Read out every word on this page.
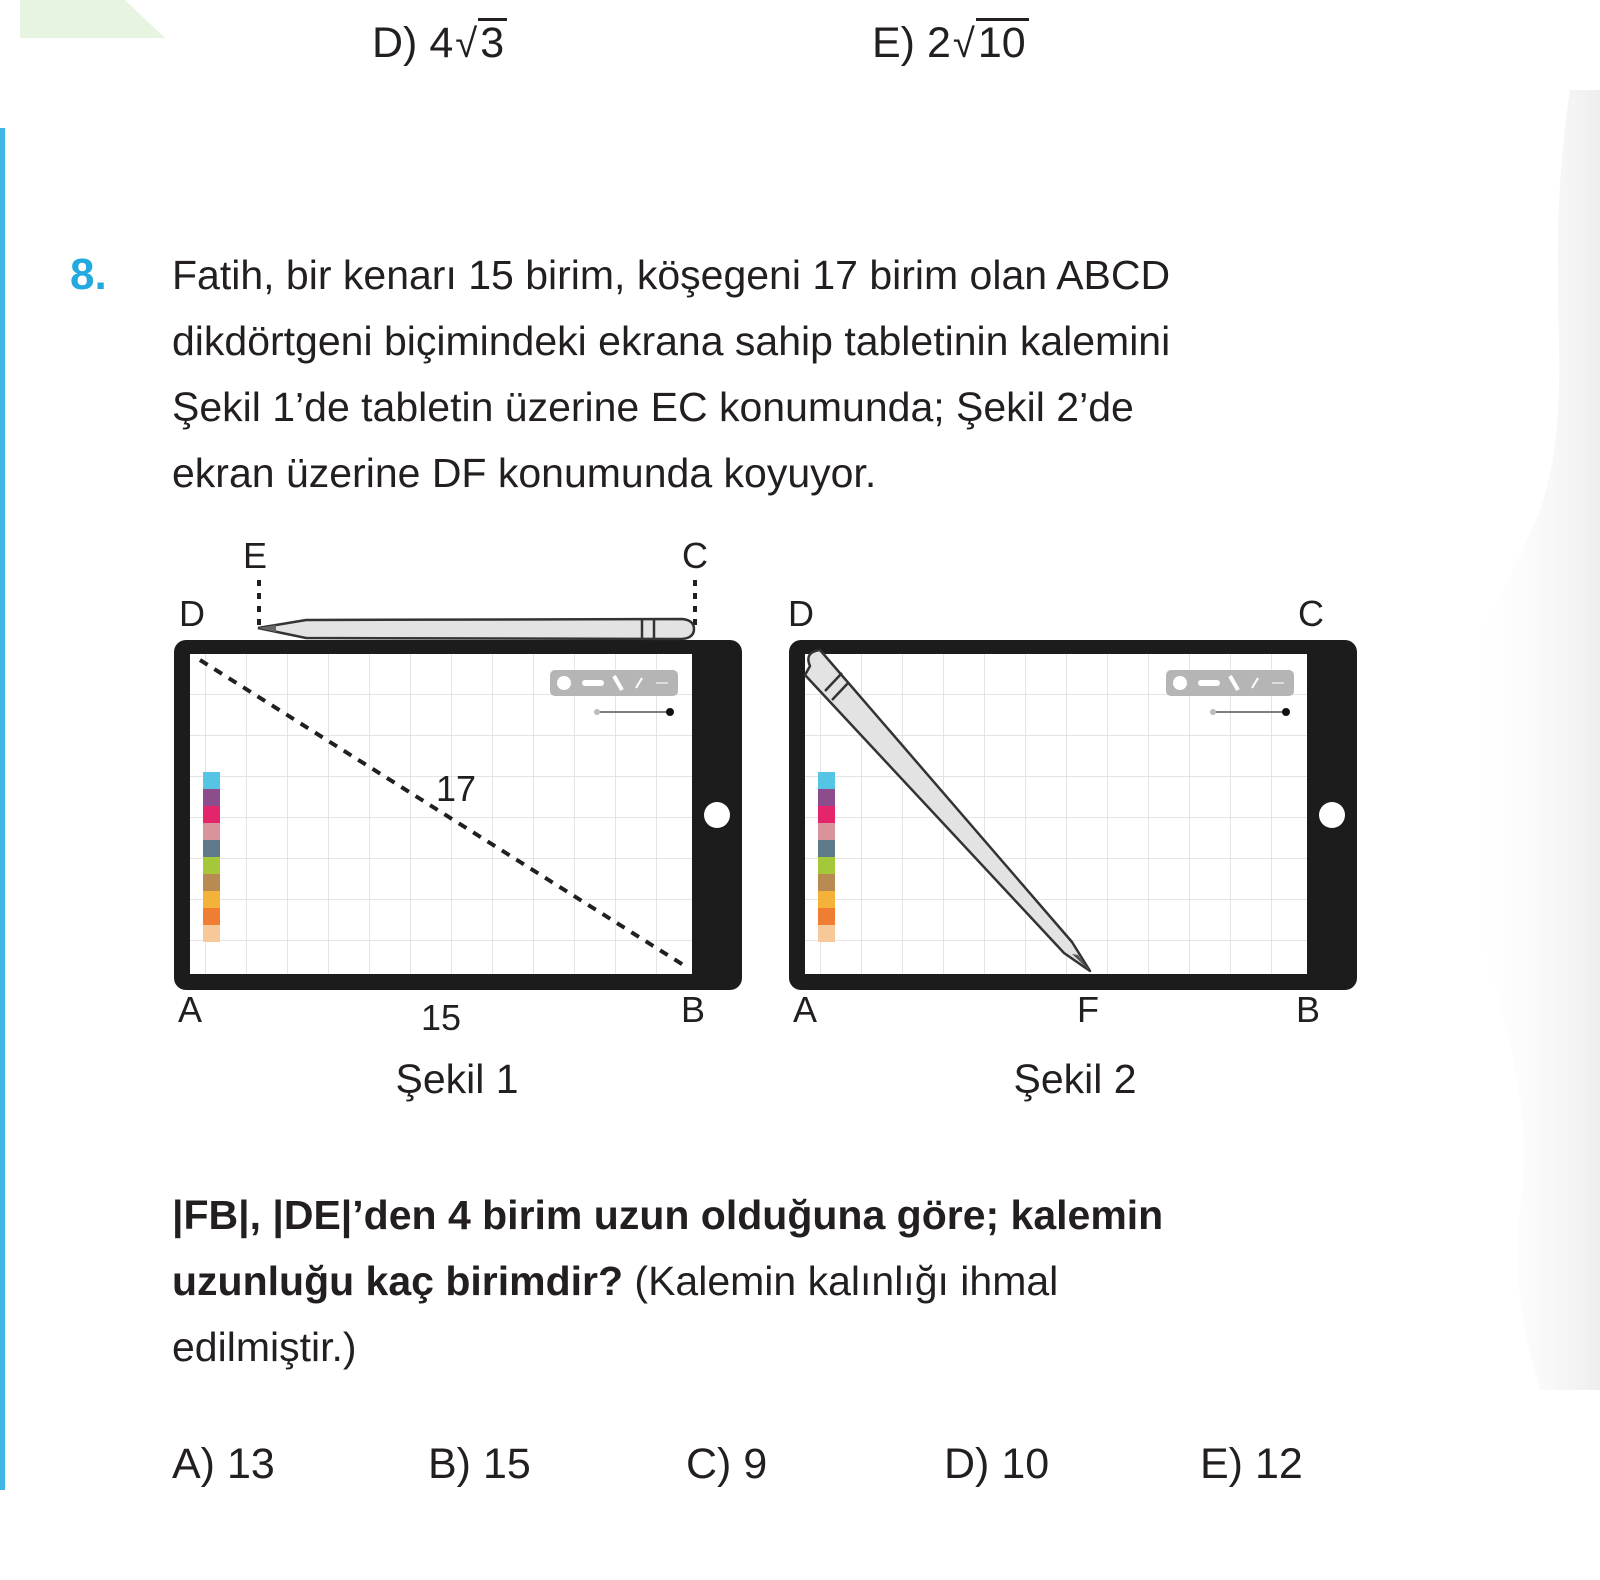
D) 4√3	E) 2√10
8. Fatih, bir kenarı 15 birim, köşegeni 17 birim olan ABCD
dikdörtgeni biçimindeki ekrana sahip tabletinin kalemini
Şekil 1’de tabletin üzerine EC konumunda; Şekil 2’de
ekran üzerine DF konumunda koyuyor.

E	C
D
A	B
17
15
Şekil 1
D	C
A	F	B
Şekil 2
|FB|, |DE|’den 4 birim uzun olduğuna göre; kalemin
uzunluğu kaç birimdir? (Kalemin kalınlığı ihmal
edilmiştir.)
A) 13	B) 15	C) 9	D) 10	E) 12
